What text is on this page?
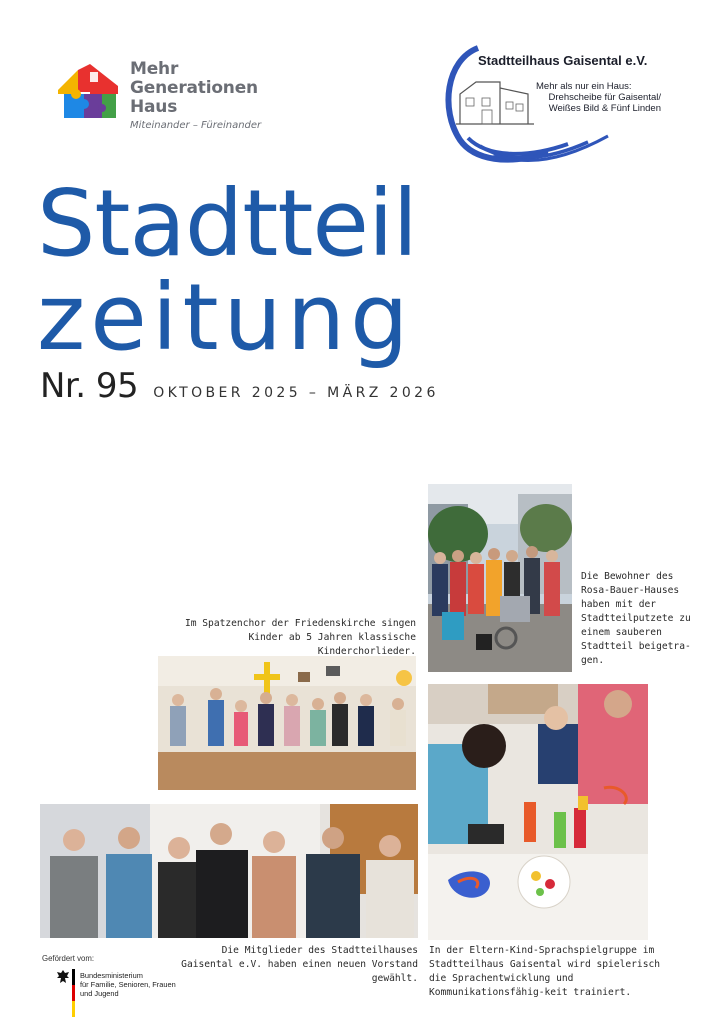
Mehr
Generationen
Haus
Miteinander – Füreinander
Stadtteilhaus Gaisental e.V.
Mehr als nur ein Haus:
Drehscheibe für Gaisental/
Weißes Bild & Fünf Linden
Stadtteil
zeitung
Nr. 95 OKTOBER 2025 – MÄRZ 2026
Die Bewohner des Rosa-Bauer-Hauses haben mit der Stadtteilputzete zu einem sauberen Stadtteil beigetra-gen.
Im Spatzenchor der Friedenskirche singen Kinder ab 5 Jahren klassische Kinderchorlieder.
Die Mitglieder des Stadtteilhauses Gaisental e.V. haben einen neuen Vorstand gewählt.
In der Eltern-Kind-Sprachspielgruppe im Stadtteilhaus Gaisental wird spielerisch die Sprachentwicklung und Kommunikationsfähig-keit trainiert.
Gefördert vom:
Bundesministerium
für Familie, Senioren, Frauen
und Jugend
